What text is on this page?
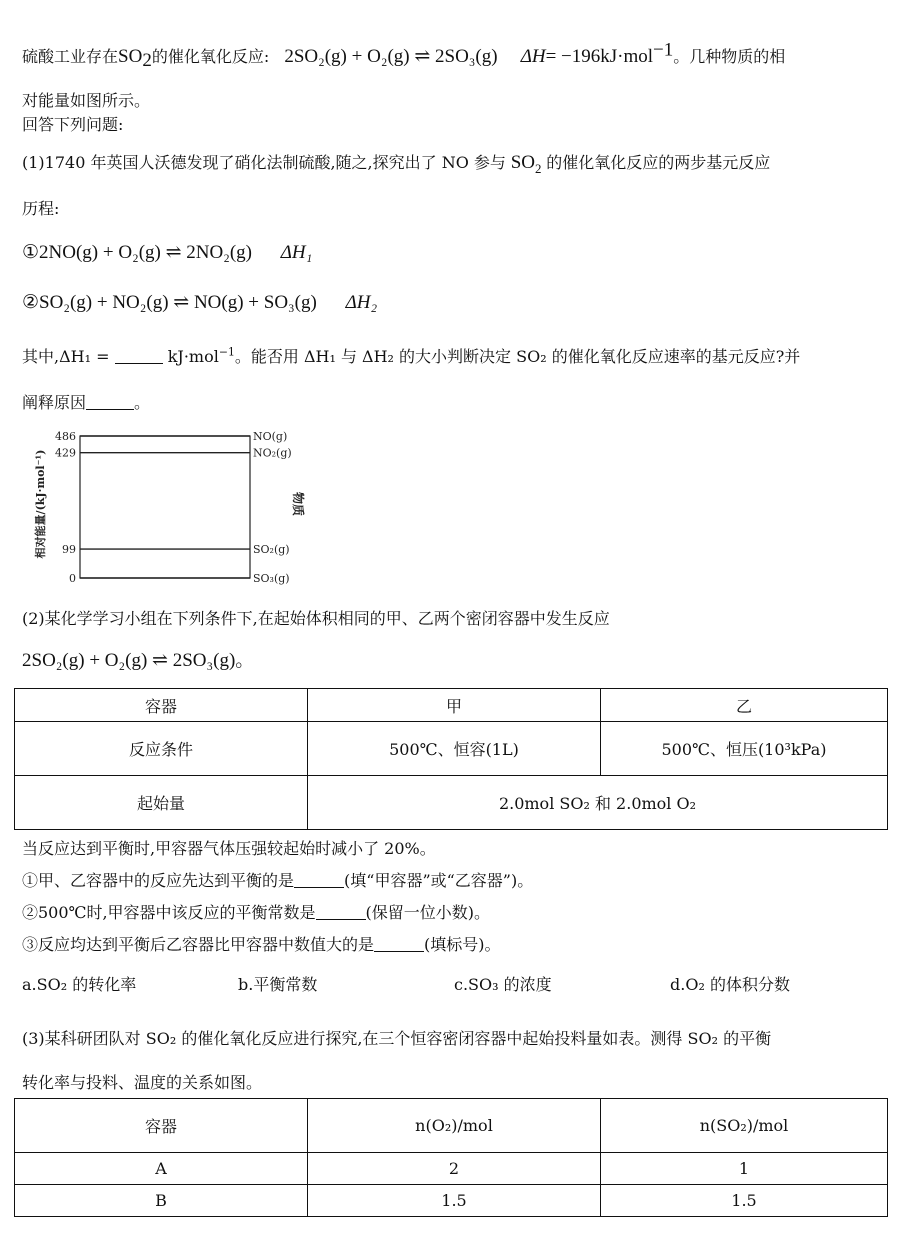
硫酸工业存在$SO_2$的催化氧化反应: 2SO₂(g) + O₂(g) ⇌ 2SO₃(g) ΔH= −196kJ·mol$^{-1}$。几种物质的相
对能量如图所示。
回答下列问题:
(1)1740 年英国人沃德发现了硝化法制硫酸,随之,探究出了 NO 参与 $SO_2$ 的催化氧化反应的两步基元反应
历程:
①2NO(g) + O₂(g) ⇌ 2NO₂(g) ΔH₁
②SO₂(g) + NO₂(g) ⇌ NO(g) + SO₃(g) ΔH₂
其中,ΔH₁ =	kJ·mol$^{-1}$。能否用 ΔH₁ 与 ΔH₂ 的大小判断决定 SO₂ 的催化氧化反应速率的基元反应?并
阐释原因	。
486	NO(g)
429	NO₂(g)
99	SO₂(g)
0	SO₃(g)
相对能量/(kJ·mol⁻¹)	物质
(2)某化学学习小组在下列条件下,在起始体积相同的甲、乙两个密闭容器中发生反应
2SO₂(g) + O₂(g) ⇌ 2SO₃(g)。
容器	甲	乙
反应条件	500℃、恒容(1L)	500℃、恒压(10³kPa)
起始量	2.0mol SO₂ 和 2.0mol O₂	
当反应达到平衡时,甲容器气体压强较起始时减小了 20%。
①甲、乙容器中的反应先达到平衡的是	(填“甲容器”或“乙容器”)。
②500℃时,甲容器中该反应的平衡常数是	(保留一位小数)。
③反应均达到平衡后乙容器比甲容器中数值大的是	(填标号)。
a.SO₂ 的转化率	b.平衡常数	c.SO₃ 的浓度	d.O₂ 的体积分数
(3)某科研团队对 SO₂ 的催化氧化反应进行探究,在三个恒容密闭容器中起始投料量如表。测得 SO₂ 的平衡
转化率与投料、温度的关系如图。
容器	n(O₂)/mol	n(SO₂)/mol
A	2	1
B	1.5	1.5
